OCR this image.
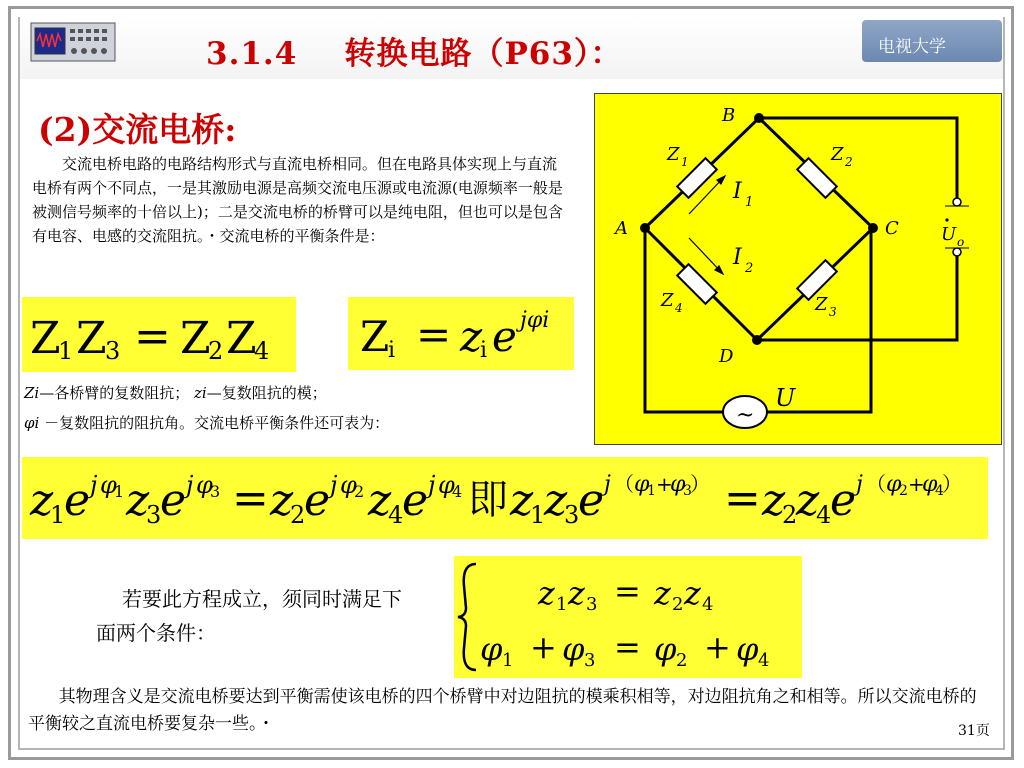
3.1.4    转换电路（P63）：	电视大学
(2)交流电桥:
交流电桥电路的电路结构形式与直流电桥相同。但在电路具体实现上与直流电桥有两个不同点，一是其激励电源是高频交流电压源或电流源(电源频率一般是被测信号频率的十倍以上)；二是交流电桥的桥臂可以是纯电阻，但也可以是包含有电容、电感的交流阻抗。・交流电桥的平衡条件是：
Z
1 Z
3 = Z
2 Z
4 Z
i = z
i e jφi
Zi—各桥臂的复数阻抗； zi—复数阻抗的模；
φi －复数阻抗的阻抗角。交流电桥平衡条件还可表为：
z
1
e j φ
1 z
3
e j φ
3 = z
2
e j φ
2 z
4
e j φ
4 即 z
1
z
3
e j （ φ
1 +
φ
3
） = z
2
z
4
e j （ φ
2 +
φ
4
）
若要此方程成立，须同时满足下面两个条件：
z 1 z 3 = z 2 z 4
φ 1 + φ 3 = φ 2 + φ 4
其物理含义是交流电桥要达到平衡需使该电桥的四个桥臂中对边阻抗的模乘积相等，对边阻抗角之和相等。所以交流电桥的平衡较之直流电桥要复杂一些。・	31页
~
B
A	C
D
Z 1	Z 2
Z 3
Z 4
I 1
I 2
U
U o
